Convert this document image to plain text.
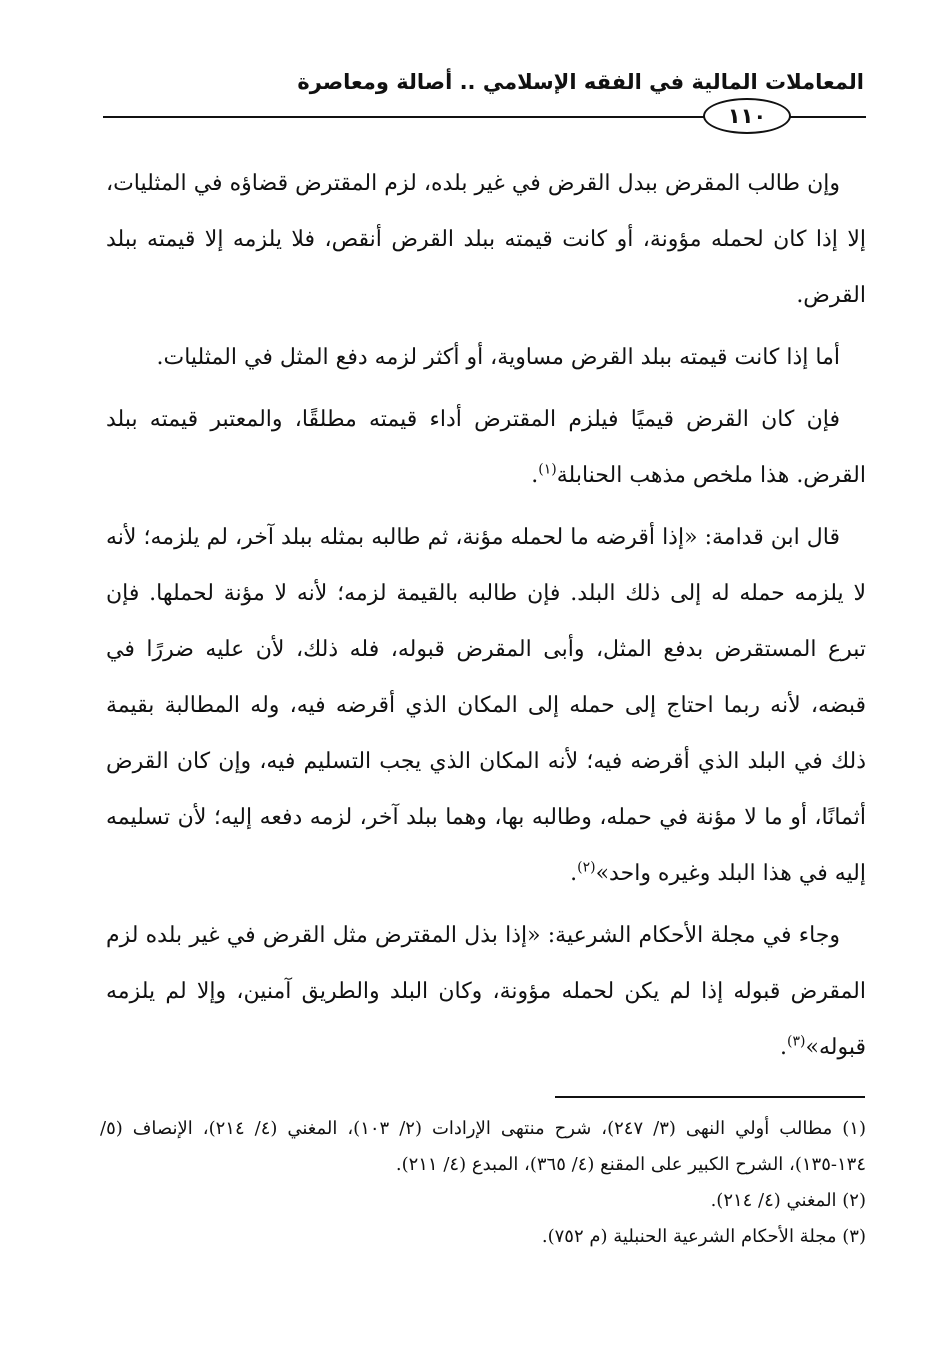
المعاملات المالية في الفقه الإسلامي .. أصالة ومعاصرة
١١٠

وإن طالب المقرض ببدل القرض في غير بلده، لزم المقترض قضاؤه في المثليات، إلا إذا كان لحمله مؤونة، أو كانت قيمته ببلد القرض أنقص، فلا يلزمه إلا قيمته ببلد القرض.

أما إذا كانت قيمته ببلد القرض مساوية، أو أكثر لزمه دفع المثل في المثليات.

فإن كان القرض قيميًا فيلزم المقترض أداء قيمته مطلقًا، والمعتبر قيمته ببلد القرض. هذا ملخص مذهب الحنابلة$^{(١)}$.

قال ابن قدامة: «إذا أقرضه ما لحمله مؤنة، ثم طالبه بمثله ببلد آخر، لم يلزمه؛ لأنه لا يلزمه حمله له إلى ذلك البلد. فإن طالبه بالقيمة لزمه؛ لأنه لا مؤنة لحملها. فإن تبرع المستقرض بدفع المثل، وأبى المقرض قبوله، فله ذلك، لأن عليه ضررًا في قبضه، لأنه ربما احتاج إلى حمله إلى المكان الذي أقرضه فيه، وله المطالبة بقيمة ذلك في البلد الذي أقرضه فيه؛ لأنه المكان الذي يجب التسليم فيه، وإن كان القرض أثمانًا، أو ما لا مؤنة في حمله، وطالبه بها، وهما ببلد آخر، لزمه دفعه إليه؛ لأن تسليمه إليه في هذا البلد وغيره واحد»$^{(٢)}$.

وجاء في مجلة الأحكام الشرعية: «إذا بذل المقترض مثل القرض في غير بلده لزم المقرض قبوله إذا لم يكن لحمله مؤونة، وكان البلد والطريق آمنين، وإلا لم يلزمه قبوله»$^{(٣)}$.

(١) مطالب أولي النهى (٣/ ٢٤٧)، شرح منتهى الإرادات (٢/ ١٠٣)، المغني (٤/ ٢١٤)، الإنصاف (٥/ ١٣٤-١٣٥)، الشرح الكبير على المقنع (٤/ ٣٦٥)، المبدع (٤/ ٢١١).

(٢) المغني (٤/ ٢١٤).

(٣) مجلة الأحكام الشرعية الحنبلية (م ٧٥٢).
